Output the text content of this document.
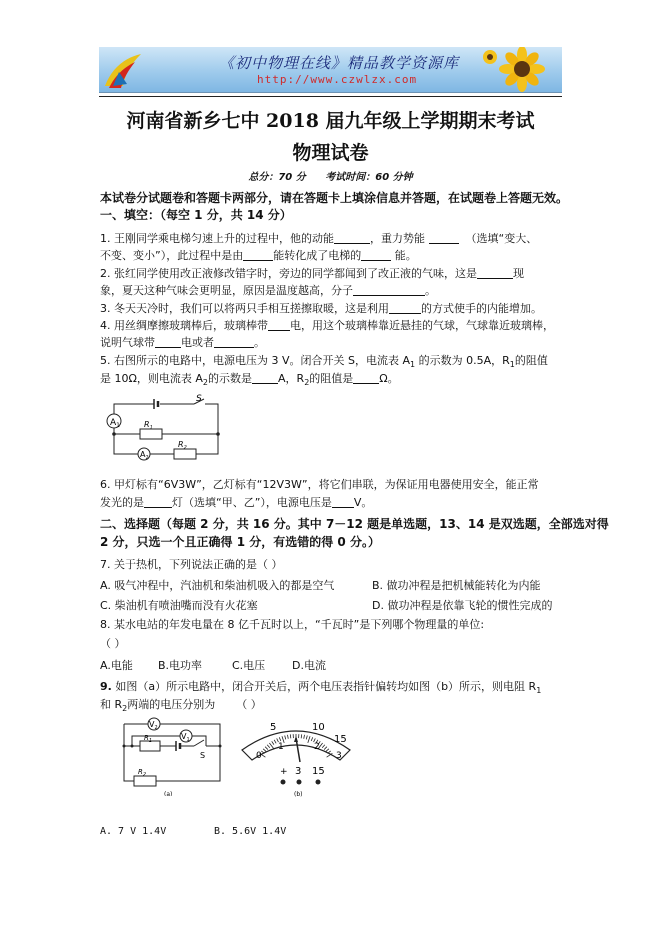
《初中物理在线》精品教学资源库
http://www.czwlzx.com
河南省新乡七中 2018 届九年级上学期期末考试
物理试卷
总分：70 分 考试时间：60 分钟
本试卷分试题卷和答题卡两部分，请在答题卡上填涂信息并答题，在试题卷上答题无效。
一、填空：（每空 1 分，共 14 分）
1. 王刚同学乘电梯匀速上升的过程中，他的动能	，重力势能	（选填“变大、
不变、变小”），此过程中是由	能转化成了电梯的	能。
2. 张红同学使用改正液修改错字时，旁边的同学都闻到了改正液的气味，这是	现
象，夏天这种气味会更明显，原因是温度越高，分子	。
3. 冬天天冷时，我们可以将两只手相互搓擦取暖，这是利用	的方式使手的内能增加。
4. 用丝绸摩擦玻璃棒后，玻璃棒带 电，用这个玻璃棒靠近悬挂的气球，气球靠近玻璃棒，
说明气球带 电或者	。
5. 右图所示的电路中，电源电压为 3 V。闭合开关 S，电流表 $A_1$ 的示数为 0.5A，$R_1$的阻值
是 10Ω，则电流表 $A_2$的示数是 A，$R_2$的阻值是 Ω。
$A_1$
$A_2$
S
$R_1$
$R_2$
6. 甲灯标有“6V3W”，乙灯标有“12V3W”，将它们串联，为保证用电器使用安全，能正常
发光的是	灯（选填“甲、乙”），电源电压是 V。
二、选择题（每题 2 分，共 16 分。其中 7－12 题是单选题，13、14 是双选题，全部选对得
2 分，只选一个且正确得 1 分，有选错的得 0 分。）
7. 关于热机，下列说法正确的是（ ）
A. 吸气冲程中，汽油机和柴油机吸入的都是空气	B. 做功冲程是把机械能转化为内能
C. 柴油机有喷油嘴而没有火花塞	D. 做功冲程是依靠飞轮的惯性完成的
8. 某水电站的年发电量在 8 亿千瓦时以上，“千瓦时”是下列哪个物理量的单位:
（ ）
A.电能 B.电功率	C.电压 D.电流
9. 如图（a）所示电路中，闭合开关后，两个电压表指针偏转均如图（b）所示，则电阻 $R_1$
和 $R_2$两端的电压分别为 （ ）
$V_2$
$V_1$
$R_1$
$R_2$
S
(a)
5	10
15
0
1	2
3
+ 3 15
(b)
A. 7 V 1.4V	B. 5.6V 1.4V
